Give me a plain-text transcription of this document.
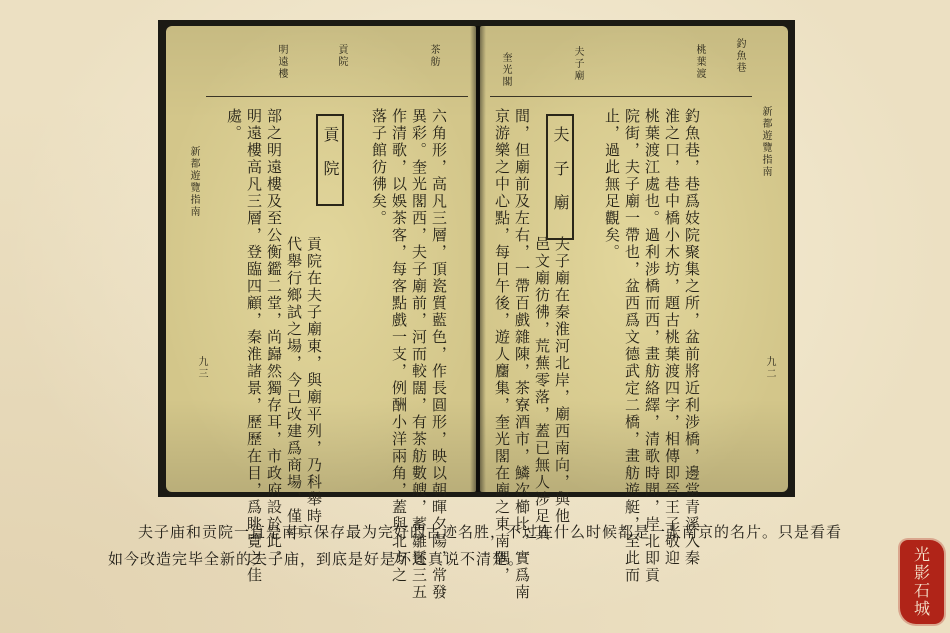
新都遊覽指南
九三
明遠樓	貢院	茶舫
處。 明遠樓高凡三層，登臨四顧，秦淮諸景，歷歷在目，爲眺覽之佳 部之明遠樓及至公衡鑑二堂，尚巋然獨存耳，市政府設於此。 代舉行鄉試之場，今已改建爲商場，僅中 貢院在夫子廟東，與廟平列，乃科舉時
貢院 落子館彷彿矣。 作清歌，以娛茶客，每客點戲一支，例酬小洋兩角，蓋與北方之 異彩。奎光閣西，夫子廟前，河而較闊，有茶舫數艘，蓄雛鬟三五 六角形，高凡三層，頂瓷質藍色，作長圓形，映以朝暉夕陽，常發
奎光閣	夫子廟	桃葉渡	釣魚巷
京游樂之中心點，每日午後，遊人麕集，奎光閣在廟之東南隅， 間，但廟前及左右，一帶百戲雜陳，茶寮酒市，鱗次櫛比，實爲南 邑文廟彷彿，荒蕪零落，蓋已無人涉足其 夫子廟在秦淮河北岸，廟西南向，與他
夫子廟 止，過此無足觀矣。 院街，夫子廟一帶也，盆西爲文德武定二橋，畫舫遊艇，至此而 桃葉渡江處也。過利涉橋而西，畫舫絡繹，清歌時聞，岸北即貢 淮之口，巷中橋小木坊，題古桃葉渡四字，相傳即晉王子敬迎 釣魚巷，巷爲妓院聚集之所，盆前將近利涉橋，邊當青溪入秦	新都遊覽指南
九二
夫子庙和贡院一直是南京保存最为完好的古迹名胜，不过在什么时候都是一张南京的名片。只是看看如今改造完毕全新的夫子庙，到底是好是坏还真说不清楚。	光
影
石
城
